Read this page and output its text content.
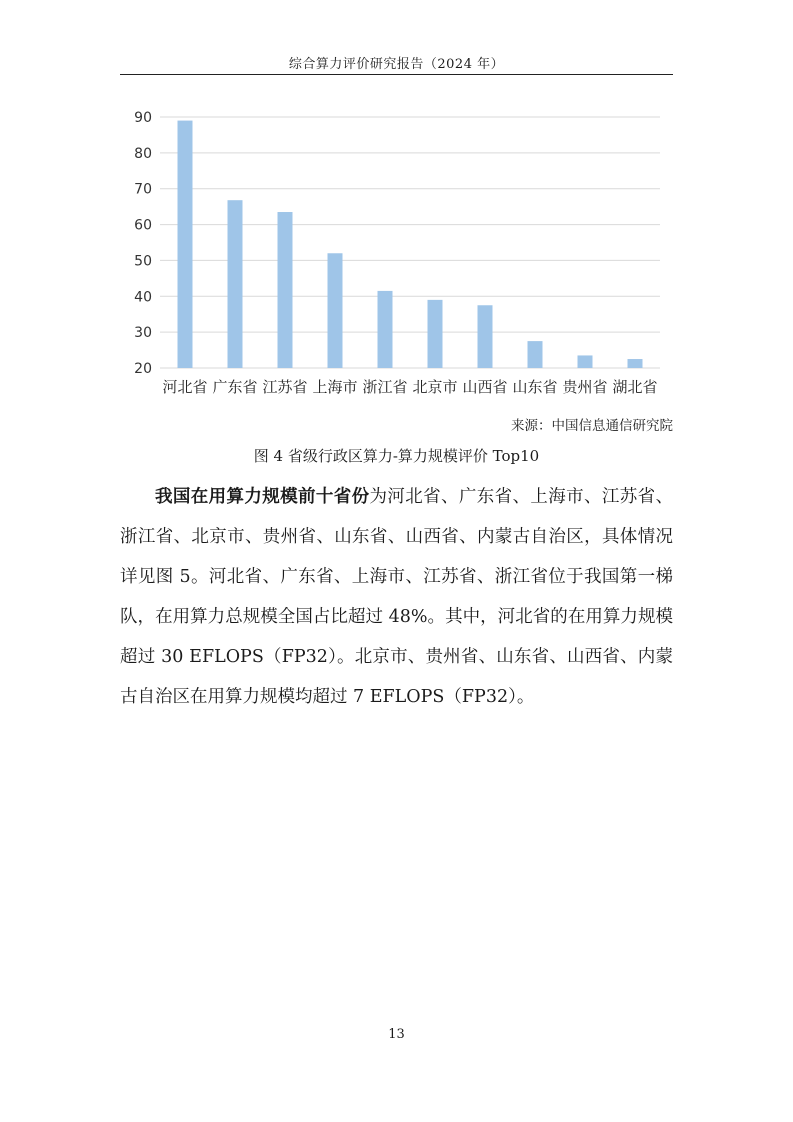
综合算力评价研究报告（2024 年）
90
80
70
60
50
40
30
20
河北省 广东省 江苏省 上海市 浙江省 北京市 山西省 山东省 贵州省 湖北省
来源：中国信息通信研究院
图 4 省级行政区算力-算力规模评价 Top10

我国在用算力规模前十省份为河北省、广东省、上海市、江苏省、浙江省、北京市、贵州省、山东省、山西省、内蒙古自治区，具体情况详见图 5。河北省、广东省、上海市、江苏省、浙江省位于我国第一梯队，在用算力总规模全国占比超过 48%。其中，河北省的在用算力规模超过 30 EFLOPS（FP32）。北京市、贵州省、山东省、山西省、内蒙古自治区在用算力规模均超过 7 EFLOPS（FP32）。

13
